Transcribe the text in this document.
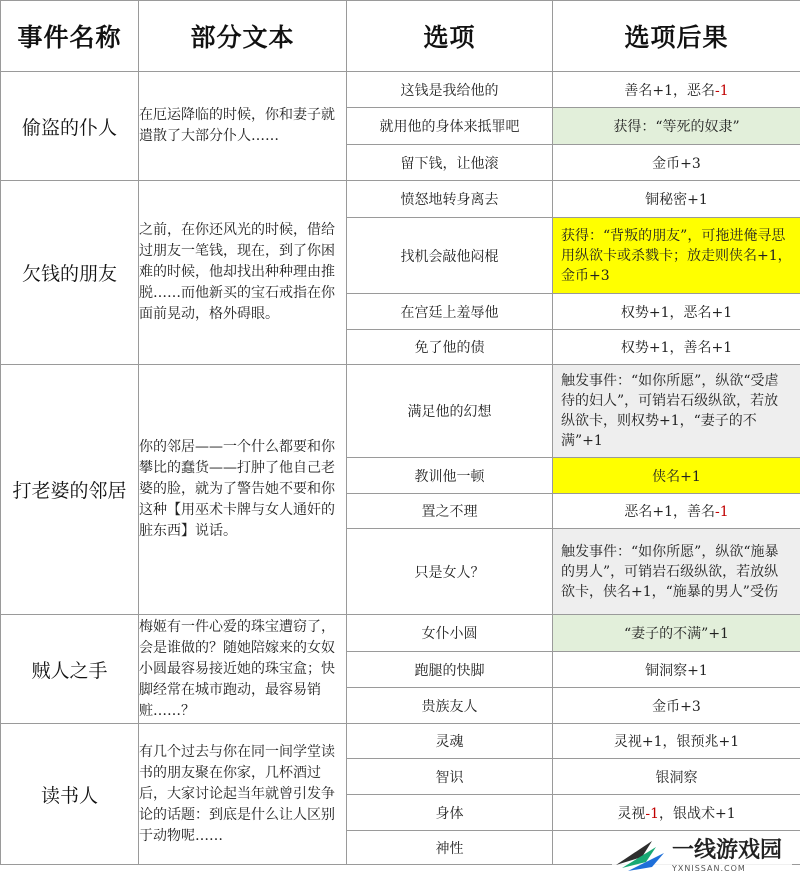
事件名称	部分文本	选项	选项后果
偷盗的仆人	在厄运降临的时候，你和妻子就遣散了大部分仆人……	这钱是我给他的	善名+1，恶名-1
		就用他的身体来抵罪吧	获得：“等死的奴隶”
		留下钱，让他滚	金币+3
欠钱的朋友	之前，在你还风光的时候，借给过朋友一笔钱，现在，到了你困难的时候，他却找出种种理由推脱……而他新买的宝石戒指在你面前晃动，格外碍眼。	愤怒地转身离去	铜秘密+1
		找机会敲他闷棍	获得：“背叛的朋友”，可拖进俺寻思用纵欲卡或杀戮卡；放走则侠名+1，金币+3
		在宫廷上羞辱他	权势+1，恶名+1
		免了他的债	权势+1，善名+1
打老婆的邻居	你的邻居——一个什么都要和你攀比的蠢货——打肿了他自己老婆的脸，就为了警告她不要和你这种【用巫术卡牌与女人通奸的脏东西】说话。	满足他的幻想	触发事件：“如你所愿”，纵欲“受虐待的妇人”，可销岩石级纵欲，若放纵欲卡，则权势+1，“妻子的不满”+1
		教训他一顿	侠名+1
		置之不理	恶名+1，善名-1
		只是女人？	触发事件：“如你所愿”，纵欲“施暴的男人”，可销岩石级纵欲，若放纵欲卡，侠名+1，“施暴的男人”受伤
贼人之手	梅姬有一件心爱的珠宝遭窃了，会是谁做的？随她陪嫁来的女奴小圆最容易接近她的珠宝盒；快脚经常在城市跑动，最容易销赃……？	女仆小圆	“妻子的不满”+1
		跑腿的快脚	铜洞察+1
		贵族友人	金币+3
读书人	有几个过去与你在同一间学堂读书的朋友聚在你家，几杯酒过后，大家讨论起当年就曾引发争论的话题：到底是什么让人区别于动物呢……	灵魂	灵视+1，银预兆+1
		智识	银洞察
		身体	灵视-1，银战术+1
		神性		一线游戏园
YXNISSAN.COM
